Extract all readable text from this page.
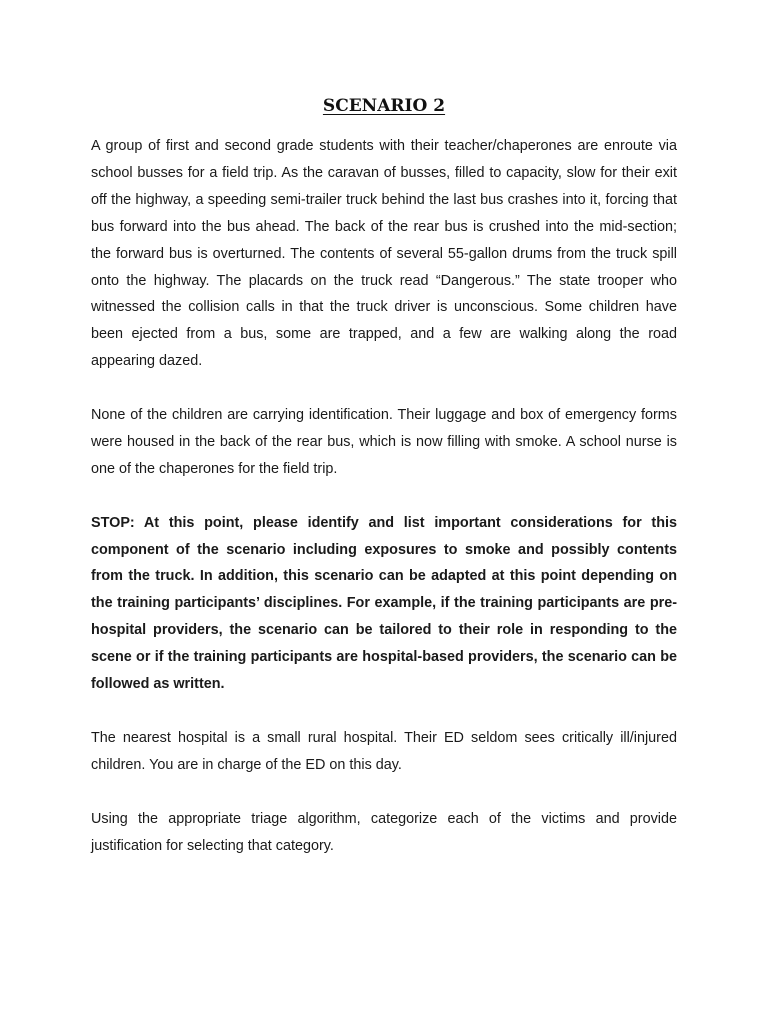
SCENARIO 2

A group of first and second grade students with their teacher/chaperones are enroute via school busses for a field trip. As the caravan of busses, filled to capacity, slow for their exit off the highway, a speeding semi-trailer truck behind the last bus crashes into it, forcing that bus forward into the bus ahead. The back of the rear bus is crushed into the mid-section; the forward bus is overturned. The contents of several 55-gallon drums from the truck spill onto the highway. The placards on the truck read “Dangerous.” The state trooper who witnessed the collision calls in that the truck driver is unconscious. Some children have been ejected from a bus, some are trapped, and a few are walking along the road appearing dazed.

None of the children are carrying identification. Their luggage and box of emergency forms were housed in the back of the rear bus, which is now filling with smoke. A school nurse is one of the chaperones for the field trip.

STOP: At this point, please identify and list important considerations for this component of the scenario including exposures to smoke and possibly contents from the truck. In addition, this scenario can be adapted at this point depending on the training participants’ disciplines. For example, if the training participants are pre-hospital providers, the scenario can be tailored to their role in responding to the scene or if the training participants are hospital-based providers, the scenario can be followed as written.

The nearest hospital is a small rural hospital. Their ED seldom sees critically ill/injured children. You are in charge of the ED on this day.

Using the appropriate triage algorithm, categorize each of the victims and provide justification for selecting that category.
